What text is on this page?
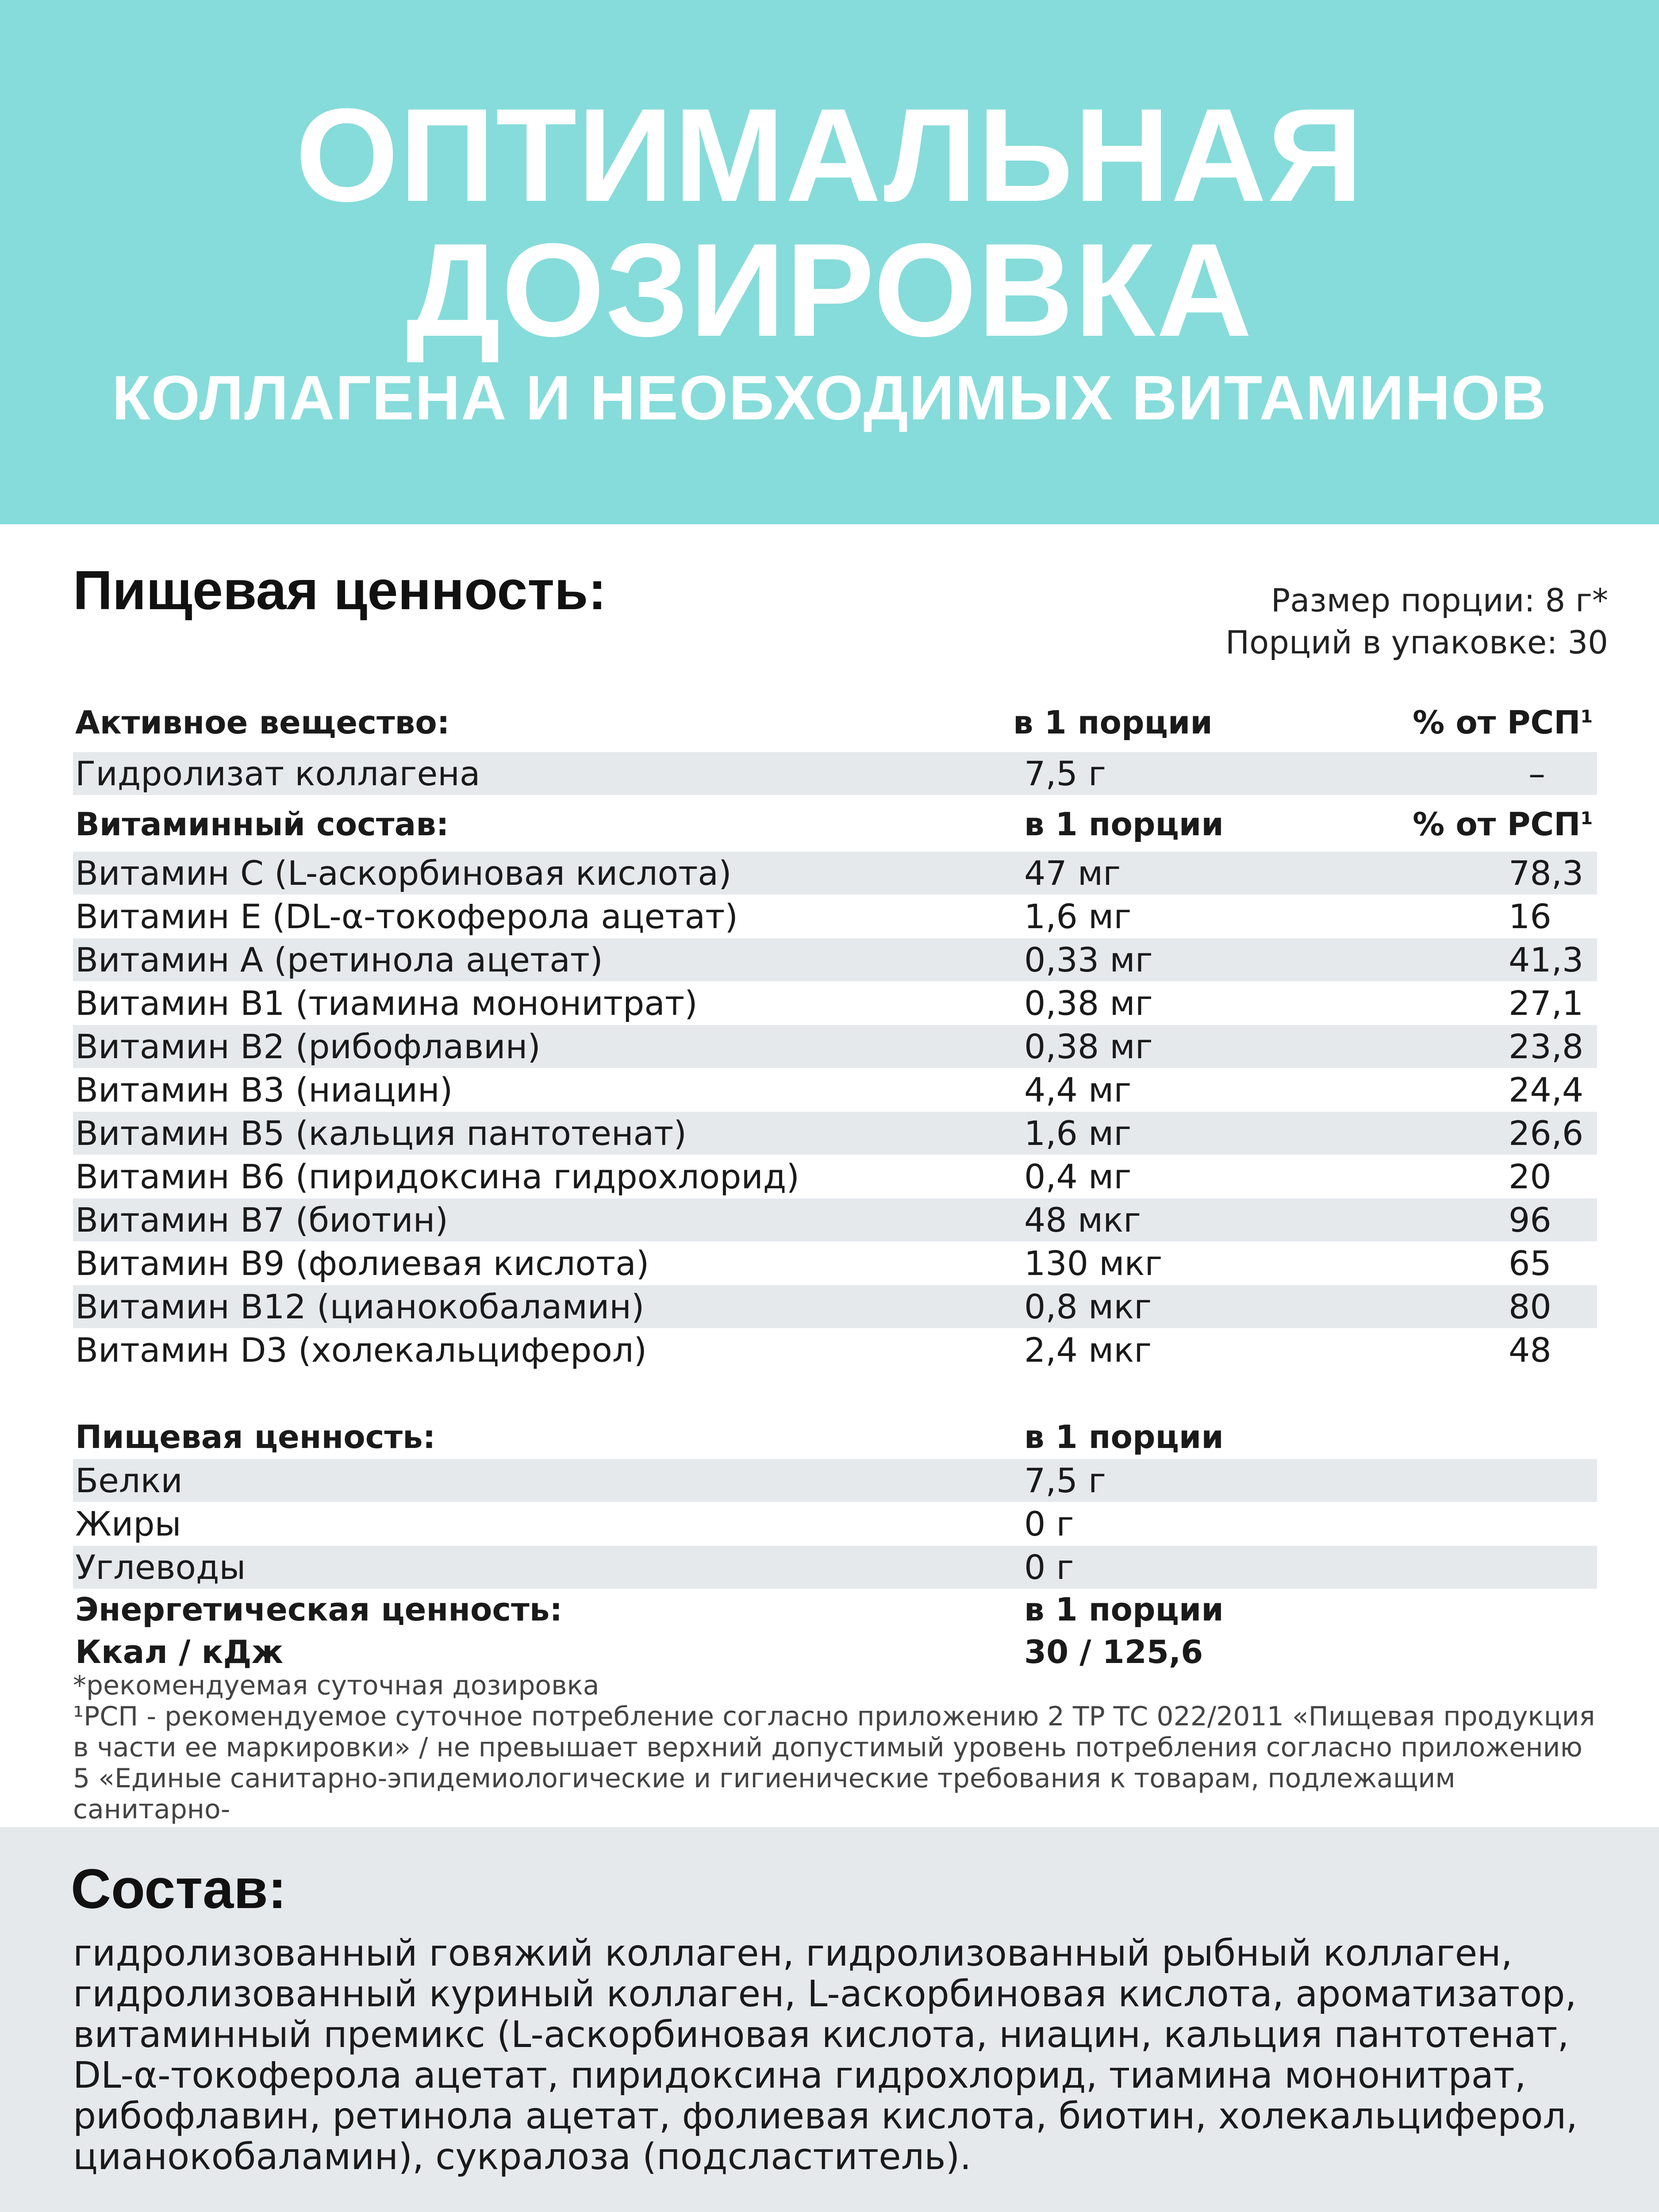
ОПТИМАЛЬНАЯ
ДОЗИРОВКА
КОЛЛАГЕНА И НЕОБХОДИМЫХ ВИТАМИНОВ
Пищевая ценность:	Размер порции: 8 г*
Порций в упаковке: 30
Активное вещество:	в 1 порции	% от РСП$^1$
Гидролизат коллагена	7,5 г	–
Витаминный состав:	в 1 порции	% от РСП$^1$
Витамин C (L-аскорбиновая кислота)	47 мг	78,3
Витамин E (DL-α-токоферола ацетат)	1,6 мг	16
Витамин A (ретинола ацетат)	0,33 мг	41,3
Витамин B1 (тиамина мононитрат)	0,38 мг	27,1
Витамин B2 (рибофлавин)	0,38 мг	23,8
Витамин B3 (ниацин)	4,4 мг	24,4
Витамин B5 (кальция пантотенат)	1,6 мг	26,6
Витамин B6 (пиридоксина гидрохлорид)	0,4 мг	20
Витамин B7 (биотин)	48 мкг	96
Витамин B9 (фолиевая кислота)	130 мкг	65
Витамин B12 (цианокобаламин)	0,8 мкг	80
Витамин D3 (холекальциферол)	2,4 мкг	48
Пищевая ценность:	в 1 порции
Белки	7,5 г
Жиры	0 г
Углеводы	0 г
Энергетическая ценность:	в 1 порции
Ккал / кДж	30 / 125,6

*рекомендуемая суточная дозировка

¹РСП - рекомендуемое суточное потребление согласно приложению 2 ТР ТС 022/2011 «Пищевая продукция

в части ее маркировки» / не превышает верхний допустимый уровень потребления согласно приложению

5 «Единые санитарно-эпидемиологические и гигиенические требования к товарам, подлежащим санитарно-

Состав:
гидролизованный говяжий коллаген, гидролизованный рыбный коллаген, гидролизованный куриный коллаген, L-аскорбиновая кислота, ароматизатор, витаминный премикс (L-аскорбиновая кислота, ниацин, кальция пантотенат, DL-α-токоферола ацетат, пиридоксина гидрохлорид, тиамина мононитрат, рибофлавин, ретинола ацетат, фолиевая кислота, биотин, холекальциферол, цианокобаламин), сукралоза (подсластитель).
